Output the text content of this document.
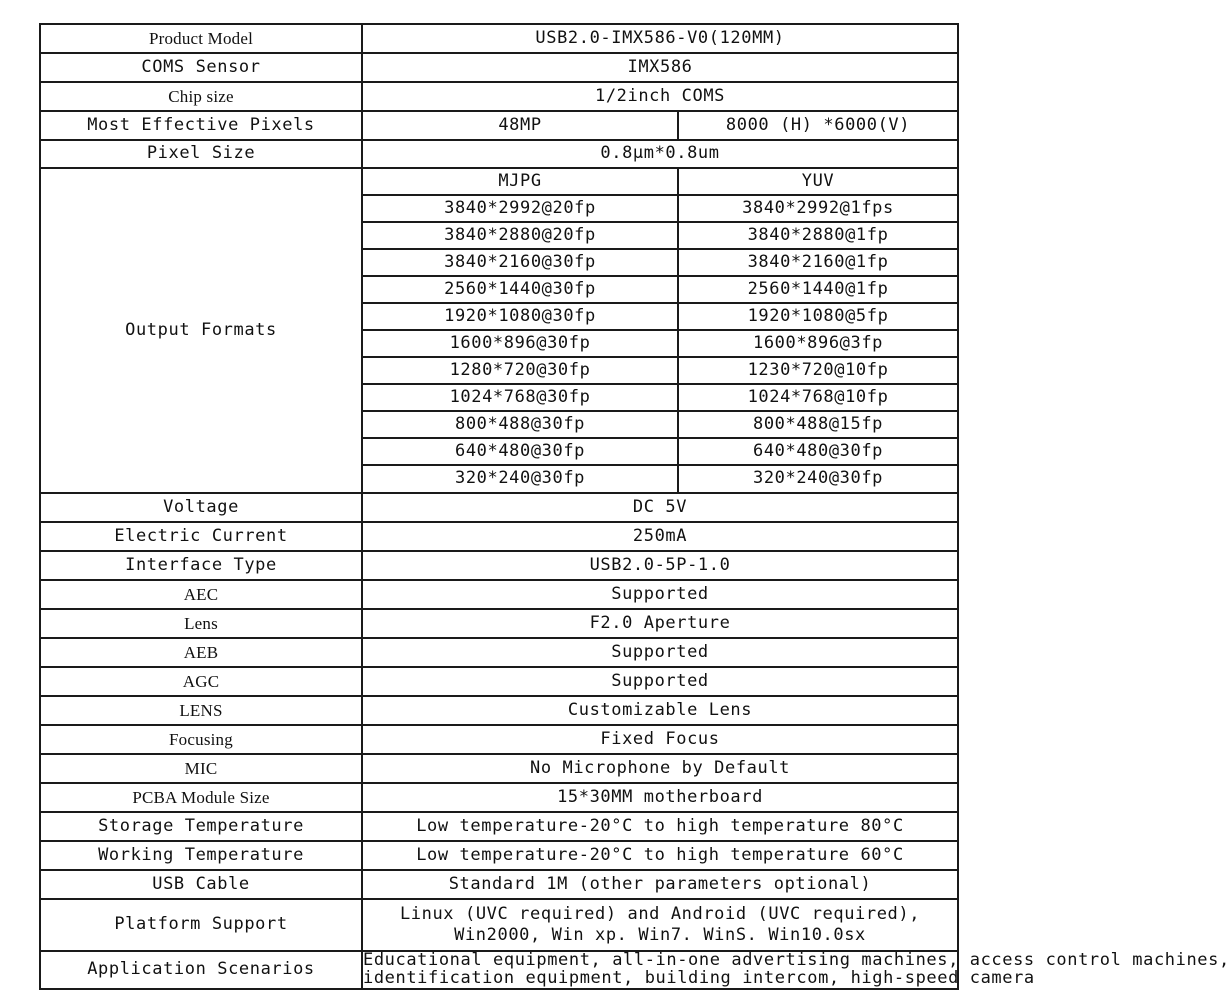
Product Model	USB2.0-IMX586-V0(120MM)	
COMS Sensor	IMX586	
Chip size	1/2inch COMS	
Most Effective Pixels	48MP	8000 (H) *6000(V)
Pixel Size	0.8μm*0.8um	
Output Formats	MJPG	YUV
	3840*2992@20fp	3840*2992@1fps
	3840*2880@20fp	3840*2880@1fp
	3840*2160@30fp	3840*2160@1fp
	2560*1440@30fp	2560*1440@1fp
	1920*1080@30fp	1920*1080@5fp
	1600*896@30fp	1600*896@3fp
	1280*720@30fp	1230*720@10fp
	1024*768@30fp	1024*768@10fp
	800*488@30fp	800*488@15fp
	640*480@30fp	640*480@30fp
	320*240@30fp	320*240@30fp
Voltage	DC 5V	
Electric Current	250mA	
Interface Type	USB2.0-5P-1.0	
AEC	Supported	
Lens	F2.0 Aperture	
AEB	Supported	
AGC	Supported	
LENS	Customizable Lens	
Focusing	Fixed Focus	
MIC	No Microphone by Default	
PCBA Module Size	15*30MM motherboard	
Storage Temperature	Low temperature-20°C to high temperature 80°C	
Working Temperature	Low temperature-20°C to high temperature 60°C	
USB Cable	Standard 1M (other parameters optional)	
Platform Support	Linux (UVC required) and Android (UVC required),
Win2000, Win xp. Win7. WinS. Win10.0sx	

Application Scenarios	Educational equipment, all-in-one advertising machines, access control machines,
identification equipment, building intercom, high-speed camera	
